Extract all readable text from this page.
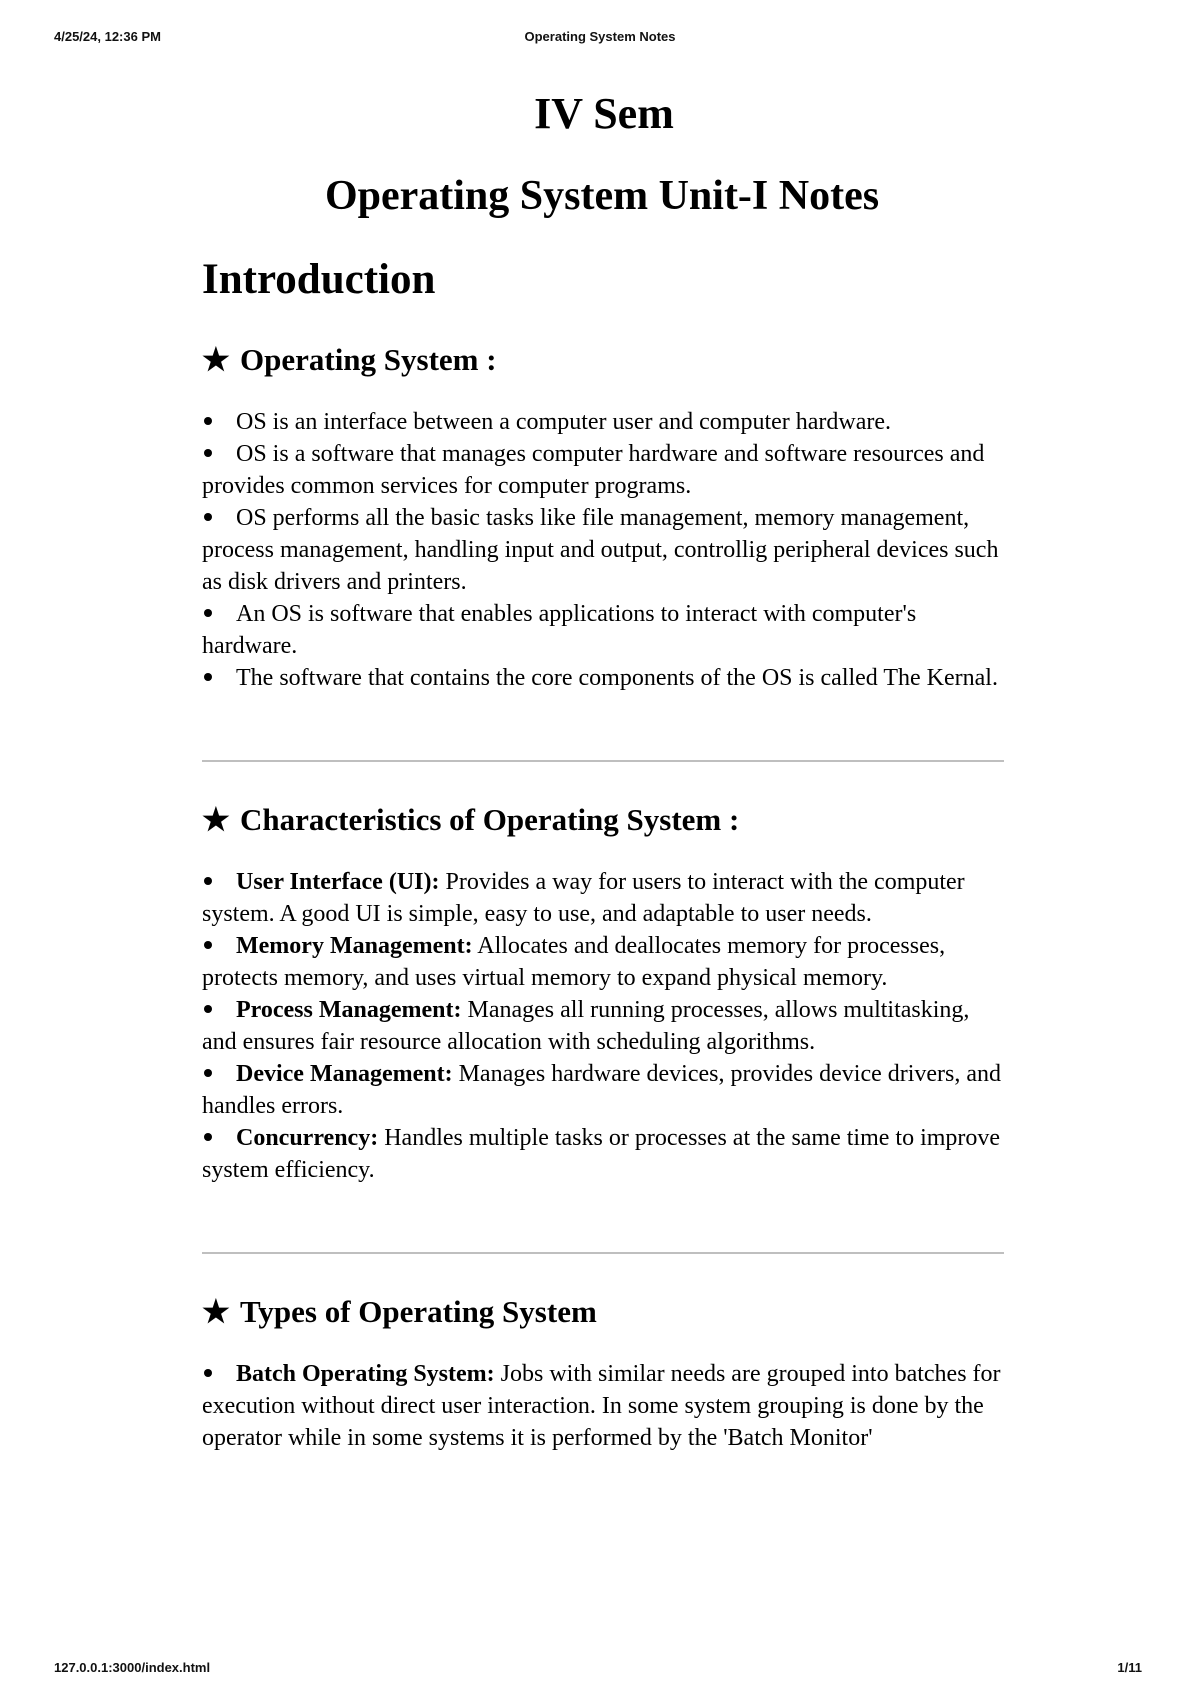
4/25/24, 12:36 PM	Operating System Notes
IV Sem
Operating System Unit-I Notes
Introduction
★ Operating System :
OS is an interface between a computer user and computer hardware.
OS is a software that manages computer hardware and software resources and provides common services for computer programs.
OS performs all the basic tasks like file management, memory management, process management, handling input and output, controllig peripheral devices such as disk drivers and printers.
An OS is software that enables applications to interact with computer's hardware.
The software that contains the core components of the OS is called The Kernal.
★ Characteristics of Operating System :
User Interface (UI): Provides a way for users to interact with the computer system. A good UI is simple, easy to use, and adaptable to user needs.
Memory Management: Allocates and deallocates memory for processes, protects memory, and uses virtual memory to expand physical memory.
Process Management: Manages all running processes, allows multitasking, and ensures fair resource allocation with scheduling algorithms.
Device Management: Manages hardware devices, provides device drivers, and handles errors.
Concurrency: Handles multiple tasks or processes at the same time to improve system efficiency.
★ Types of Operating System
Batch Operating System: Jobs with similar needs are grouped into batches for execution without direct user interaction. In some system grouping is done by the operator while in some systems it is performed by the 'Batch Monitor'
127.0.0.1:3000/index.html	1/11
